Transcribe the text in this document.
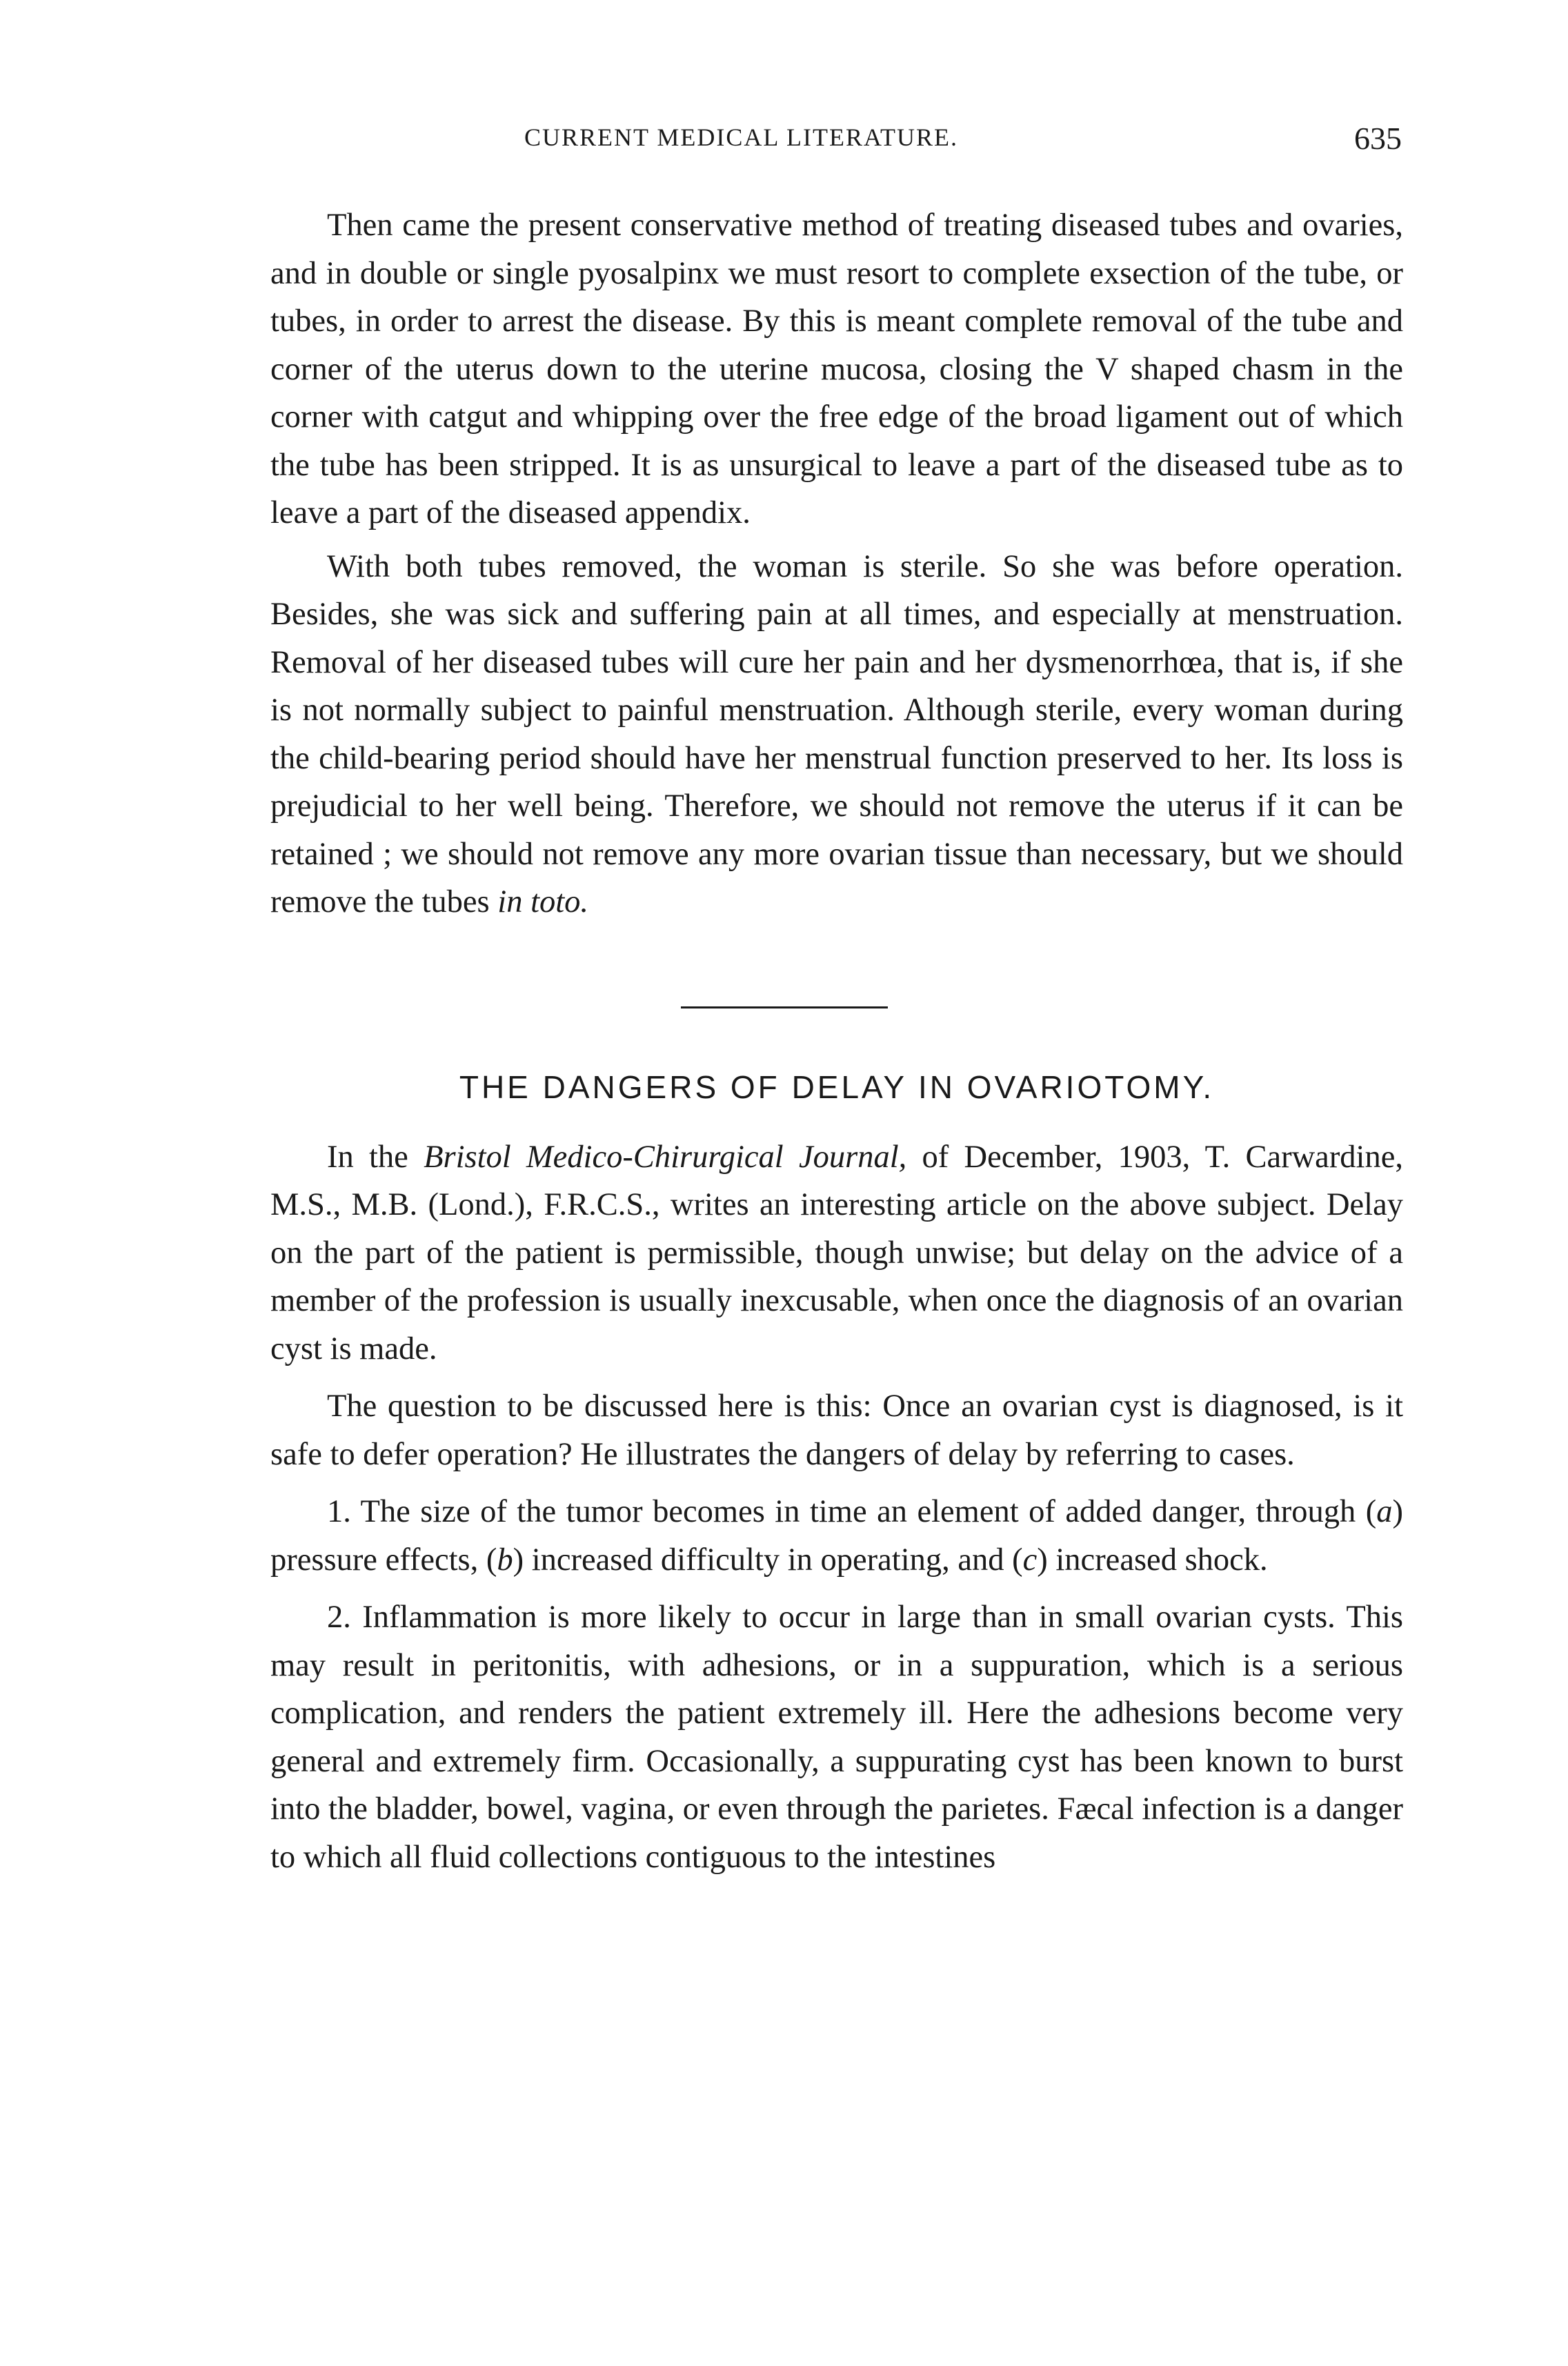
CURRENT MEDICAL LITERATURE.	635

Then came the present conservative method of treating diseased tubes and ovaries, and in double or single pyosalpinx we must resort to complete exsection of the tube, or tubes, in order to arrest the disease. By this is meant complete removal of the tube and corner of the uterus down to the uterine mucosa, closing the V shaped chasm in the corner with catgut and whipping over the free edge of the broad ligament out of which the tube has been stripped. It is as unsurgical to leave a part of the diseased tube as to leave a part of the diseased appendix.

With both tubes removed, the woman is sterile. So she was before operation. Besides, she was sick and suffering pain at all times, and especially at menstruation. Removal of her diseased tubes will cure her pain and her dysmenorrhœa, that is, if she is not normally subject to painful menstruation. Although sterile, every woman during the child-bearing period should have her menstrual function preserved to her. Its loss is prejudicial to her well being. Therefore, we should not remove the uterus if it can be retained ; we should not remove any more ovarian tissue than necessary, but we should remove the tubes in toto.

THE DANGERS OF DELAY IN OVARIOTOMY.

In the Bristol Medico-Chirurgical Journal, of December, 1903, T. Carwardine, M.S., M.B. (Lond.), F.R.C.S., writes an interesting article on the above subject. Delay on the part of the patient is permissible, though unwise; but delay on the advice of a member of the profession is usually inexcusable, when once the diagnosis of an ovarian cyst is made.

The question to be discussed here is this: Once an ovarian cyst is diagnosed, is it safe to defer operation? He illustrates the dangers of delay by referring to cases.

1. The size of the tumor becomes in time an element of added danger, through (a) pressure effects, (b) increased difficulty in operating, and (c) increased shock.

2. Inflammation is more likely to occur in large than in small ovarian cysts. This may result in peritonitis, with adhesions, or in a suppuration, which is a serious complication, and renders the patient extremely ill. Here the adhesions become very general and extremely firm. Occasionally, a suppurating cyst has been known to burst into the bladder, bowel, vagina, or even through the parietes. Fæcal infection is a danger to which all fluid collections contiguous to the intestines
